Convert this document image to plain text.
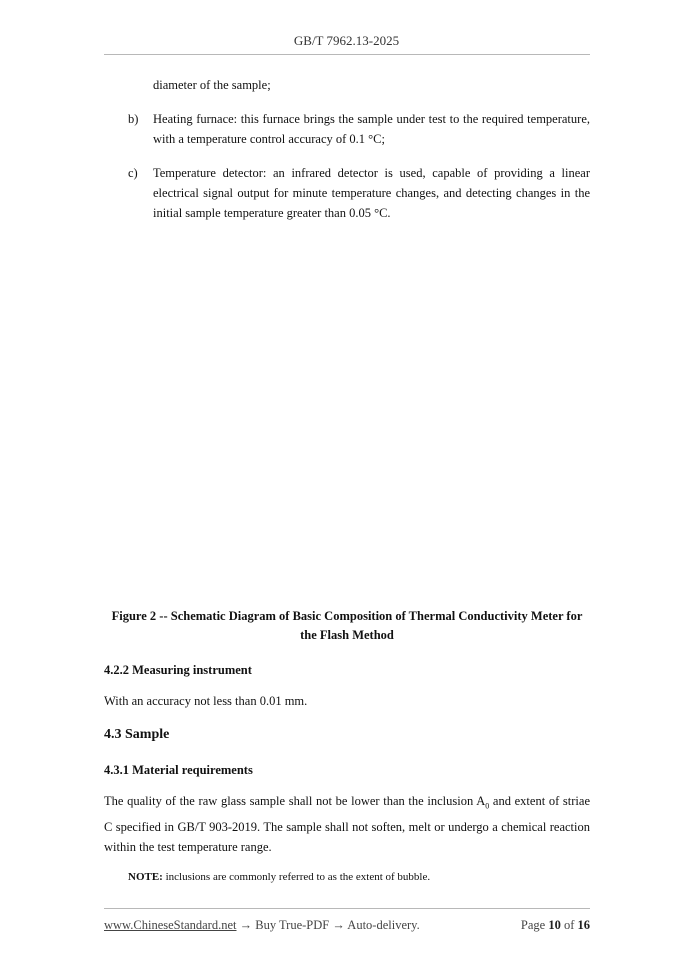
GB/T 7962.13-2025
diameter of the sample;
b)	Heating furnace: this furnace brings the sample under test to the required temperature, with a temperature control accuracy of 0.1 °C;
c)	Temperature detector: an infrared detector is used, capable of providing a linear electrical signal output for minute temperature changes, and detecting changes in the initial sample temperature greater than 0.05 °C.
Figure 2 -- Schematic Diagram of Basic Composition of Thermal Conductivity Meter for
the Flash Method
4.2.2 Measuring instrument
With an accuracy not less than 0.01 mm.
4.3 Sample
4.3.1 Material requirements
The quality of the raw glass sample shall not be lower than the inclusion $A_0$ and extent of striae C specified in GB/T 903-2019. The sample shall not soften, melt or undergo a chemical reaction within the test temperature range.
NOTE: inclusions are commonly referred to as the extent of bubble.
www.ChineseStandard.net → Buy True-PDF → Auto-delivery.	Page 10 of 16
